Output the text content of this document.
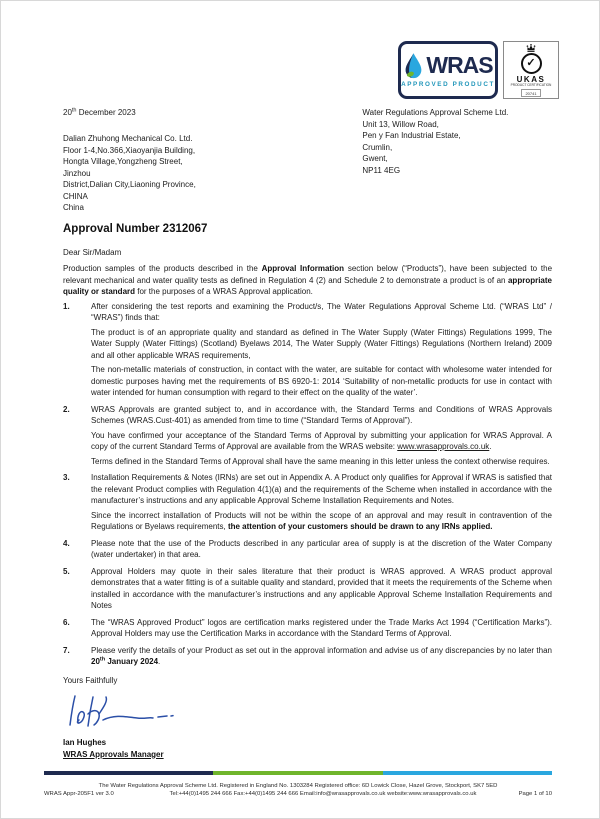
WRAS
APPROVED PRODUCT
✓
UKAS
PRODUCT CERTIFICATION
20741
20th December 2023
Dalian Zhuhong Mechanical Co. Ltd.
Floor 1-4,No.366,Xiaoyanjia Building,
Hongta Village,Yongzheng Street,
Jinzhou
District,Dalian City,Liaoning Province,
CHINA
China
Water Regulations Approval Scheme Ltd.
Unit 13, Willow Road,
Pen y Fan Industrial Estate,
Crumlin,
Gwent,
NP11 4EG
Approval Number 2312067
Dear Sir/Madam

Production samples of the products described in the Approval Information section below (“Products”), have been subjected to the relevant mechanical and water quality tests as defined in Regulation 4 (2) and Schedule 2 to demonstrate a product is of an appropriate quality or standard for the purposes of a WRAS Approval application.

1.	After considering the test reports and examining the Product/s, The Water Regulations Approval Scheme Ltd. (“WRAS Ltd” / “WRAS”) finds that:

The product is of an appropriate quality and standard as defined in The Water Supply (Water Fittings) Regulations 1999, The Water Supply (Water Fittings) (Scotland) Byelaws 2014, The Water Supply (Water Fittings) Regulations (Northern Ireland) 2009 and all other applicable WRAS requirements,

The non-metallic materials of construction, in contact with the water, are suitable for contact with wholesome water intended for domestic purposes having met the requirements of BS 6920-1: 2014 ‘Suitability of non-metallic products for use in contact with water intended for human consumption with regard to their effect on the quality of the water’.

2.	WRAS Approvals are granted subject to, and in accordance with, the Standard Terms and Conditions of WRAS Approvals Schemes (WRAS.Cust-401) as amended from time to time (“Standard Terms of Approval”).

You have confirmed your acceptance of the Standard Terms of Approval by submitting your application for WRAS Approval. A copy of the current Standard Terms of Approval are available from the WRAS website: www.wrasapprovals.co.uk.

Terms defined in the Standard Terms of Approval shall have the same meaning in this letter unless the context otherwise requires.

3.	Installation Requirements & Notes (IRNs) are set out in Appendix A. A Product only qualifies for Approval if WRAS is satisfied that the relevant Product complies with Regulation 4(1)(a) and the requirements of the Scheme when installed in accordance with the manufacturer’s instructions and any applicable Approval Scheme Installation Requirements and Notes.

Since the incorrect installation of Products will not be within the scope of an approval and may result in contravention of the Regulations or Byelaws requirements, the attention of your customers should be drawn to any IRNs applied.

4.	Please note that the use of the Products described in any particular area of supply is at the discretion of the Water Company (water undertaker) in that area.

5.	Approval Holders may quote in their sales literature that their product is WRAS approved. A WRAS product approval demonstrates that a water fitting is of a suitable quality and standard, provided that it meets the requirements of the Scheme when installed in accordance with the manufacturer’s instructions and any applicable Approval Scheme Installation Requirements and Notes

6.	The “WRAS Approved Product” logos are certification marks registered under the Trade Marks Act 1994 (“Certification Marks”). Approval Holders may use the Certification Marks in accordance with the Standard Terms of Approval.

7.	Please verify the details of your Product as set out in the approval information and advise us of any discrepancies by no later than 20th January 2024.

Yours Faithfully
Ian Hughes
WRAS Approvals Manager
The Water Regulations Approval Scheme Ltd. Registered in England No. 1303284 Registered office: 6D Lowick Close, Hazel Grove, Stockport, SK7 5ED
WRAS Appr-205F1 ver 3.0	Tel:+44(0)1495 244 666 Fax:+44(0)1495 244 666 Email:info@wrasapprovals.co.uk website:www.wrasapprovals.co.uk	Page 1 of 10
